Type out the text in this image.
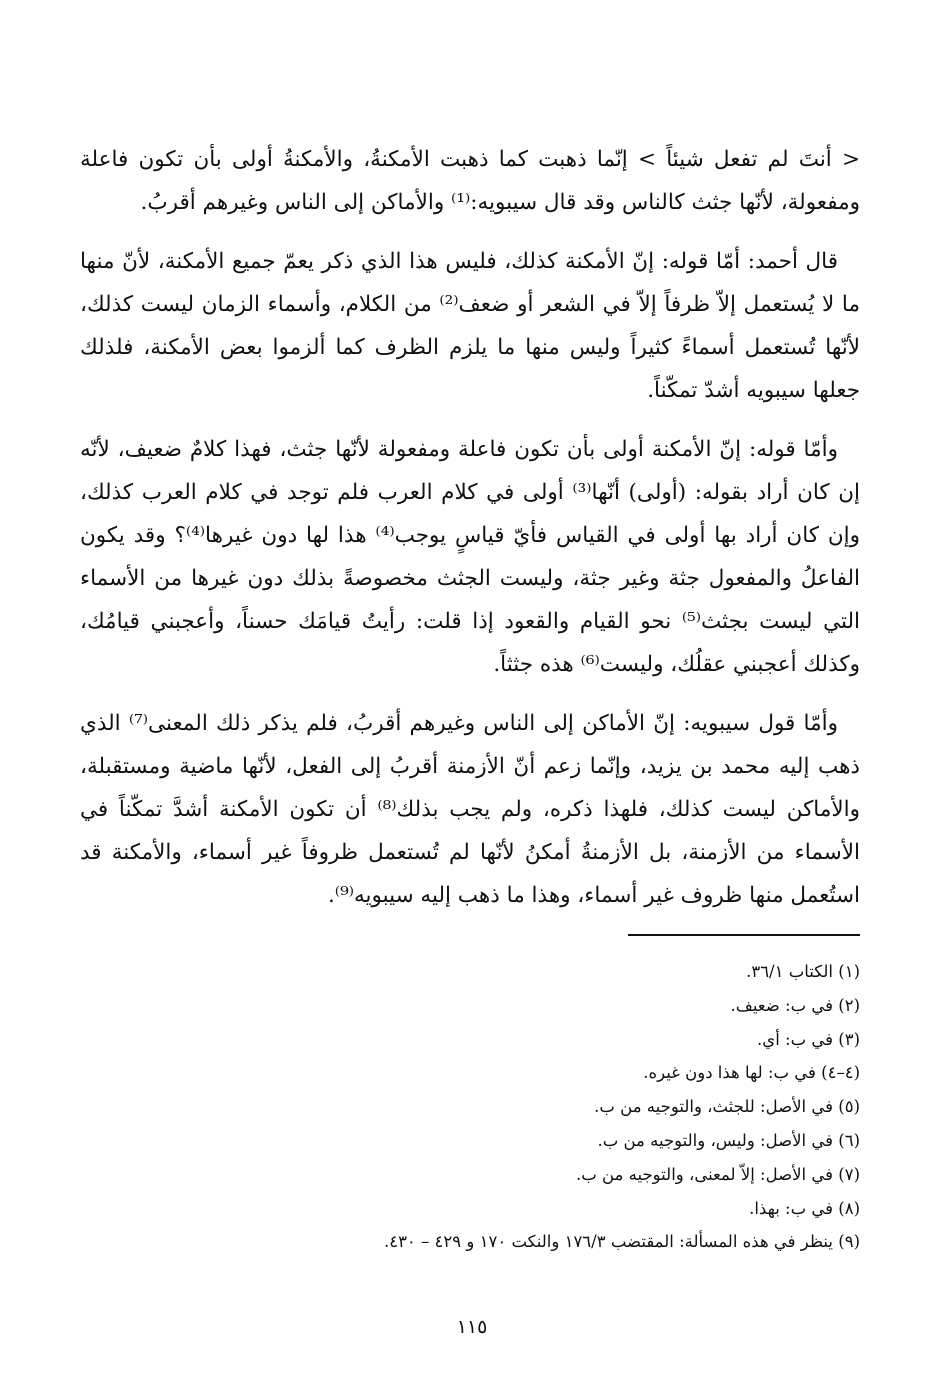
< أنتَ لم تفعل شيئاً > إنّما ذهبت كما ذهبت الأمكنةُ، والأمكنةُ أولى بأن تكون فاعلة ومفعولة، لأنّها جثث كالناس وقد قال سيبويه:⁽¹⁾ والأماكن إلى الناس وغيرهم أقربُ.

قال أحمد: أمّا قوله: إنّ الأمكنة كذلك، فليس هذا الذي ذكر يعمّ جميع الأمكنة، لأنّ منها ما لا يُستعمل إلاّ ظرفاً إلاّ في الشعر أو ضعف⁽²⁾ من الكلام، وأسماء الزمان ليست كذلك، لأنّها تُستعمل أسماءً كثيراً وليس منها ما يلزم الظرف كما ألزموا بعض الأمكنة، فلذلك جعلها سيبويه أشدّ تمكّناً.

وأمّا قوله: إنّ الأمكنة أولى بأن تكون فاعلة ومفعولة لأنّها جثث، فهذا كلامٌ ضعيف، لأنّه إن كان أراد بقوله: (أولى) أنّها⁽³⁾ أولى في كلام العرب فلم توجد في كلام العرب كذلك، وإن كان أراد بها أولى في القياس فأيّ قياسٍ يوجب⁽⁴⁾ هذا لها دون غيرها⁽⁴⁾؟ وقد يكون الفاعلُ والمفعول جثة وغير جثة، وليست الجثث مخصوصةً بذلك دون غيرها من الأسماء التي ليست بجثث⁽⁵⁾ نحو القيام والقعود إذا قلت: رأيتُ قيامَك حسناً، وأعجبني قيامُك، وكذلك أعجبني عقلُك، وليست⁽⁶⁾ هذه جثثاً.

وأمّا قول سيبويه: إنّ الأماكن إلى الناس وغيرهم أقربُ، فلم يذكر ذلك المعنى⁽⁷⁾ الذي ذهب إليه محمد بن يزيد، وإنّما زعم أنّ الأزمنة أقربُ إلى الفعل، لأنّها ماضية ومستقبلة، والأماكن ليست كذلك، فلهذا ذكره، ولم يجب بذلك⁽⁸⁾ أن تكون الأمكنة أشدَّ تمكّناً في الأسماء من الأزمنة، بل الأزمنةُ أمكنُ لأنّها لم تُستعمل ظروفاً غير أسماء، والأمكنة قد استُعمل منها ظروف غير أسماء، وهذا ما ذهب إليه سيبويه⁽⁹⁾.

(١) الكتاب ٣٦/١.
(٢) في ب: ضعيف.
(٣) في ب: أي.
(٤–٤) في ب: لها هذا دون غيره.
(٥) في الأصل: للجثث، والتوجيه من ب.
(٦) في الأصل: وليس، والتوجيه من ب.
(٧) في الأصل: إلاّ لمعنى، والتوجيه من ب.
(٨) في ب: بهذا.
(٩) ينظر في هذه المسألة: المقتضب ١٧٦/٣ والنكت ١٧٠ و ٤٢٩ – ٤٣٠.
١١٥
